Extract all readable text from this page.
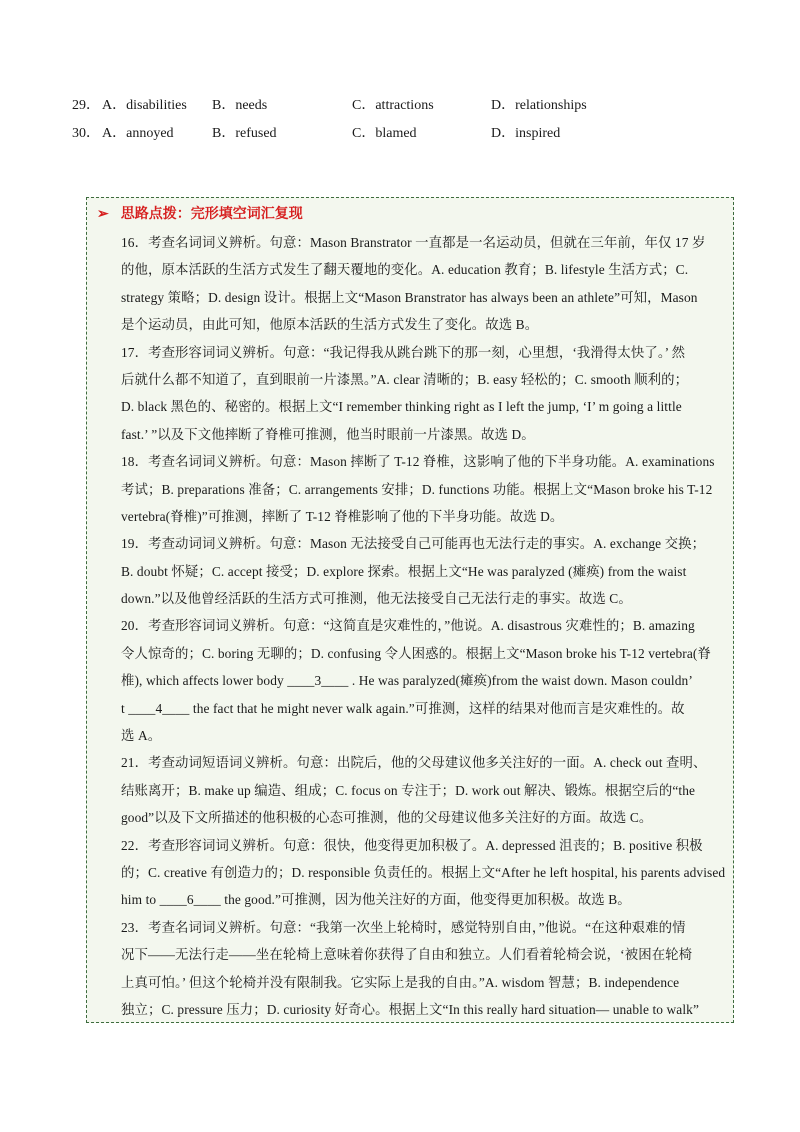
29． A．disabilities B．needs	C．attractions	D．relationships
30． A．annoyed	B．refused	C．blamed	D．inspired
➢ 思路点拨：完形填空词汇复现
16．考查名词词义辨析。句意：Mason Branstrator 一直都是一名运动员，但就在三年前，年仅 17 岁
的他，原本活跃的生活方式发生了翻天覆地的变化。A. education 教育；B. lifestyle 生活方式；C.
strategy 策略；D. design 设计。根据上文“Mason Branstrator has always been an athlete”可知，Mason
是个运动员，由此可知，他原本活跃的生活方式发生了变化。故选 B。
17．考查形容词词义辨析。句意：“我记得我从跳台跳下的那一刻，心里想，‘我滑得太快了。’ 然
后就什么都不知道了，直到眼前一片漆黑。”A. clear 清晰的；B. easy 轻松的；C. smooth 顺利的；
D. black 黑色的、秘密的。根据上文“I remember thinking right as I left the jump, ‘I’ m going a little
fast.’ ”以及下文他摔断了脊椎可推测，他当时眼前一片漆黑。故选 D。
18．考查名词词义辨析。句意：Mason 摔断了 T-12 脊椎，这影响了他的下半身功能。A. examinations
考试；B. preparations 准备；C. arrangements 安排；D. functions 功能。根据上文“Mason broke his T-12
vertebra(脊椎)”可推测，摔断了 T-12 脊椎影响了他的下半身功能。故选 D。
19．考查动词词义辨析。句意：Mason 无法接受自己可能再也无法行走的事实。A. exchange 交换；
B. doubt 怀疑；C. accept 接受；D. explore 探索。根据上文“He was paralyzed (瘫痪) from the waist
down.”以及他曾经活跃的生活方式可推测，他无法接受自己无法行走的事实。故选 C。
20．考查形容词词义辨析。句意：“这简直是灾难性的，”他说。A. disastrous 灾难性的；B. amazing
令人惊奇的；C. boring 无聊的；D. confusing 令人困惑的。根据上文“Mason broke his T-12 vertebra(脊
椎), which affects lower body ____3____ . He was paralyzed(瘫痪)from the waist down. Mason couldn’
t ____4____ the fact that he might never walk again.”可推测，这样的结果对他而言是灾难性的。故
选 A。
21．考查动词短语词义辨析。句意：出院后，他的父母建议他多关注好的一面。A. check out 查明、
结账离开；B. make up 编造、组成；C. focus on 专注于；D. work out 解决、锻炼。根据空后的“the
good”以及下文所描述的他积极的心态可推测，他的父母建议他多关注好的方面。故选 C。
22．考查形容词词义辨析。句意：很快，他变得更加积极了。A. depressed 沮丧的；B. positive 积极
的；C. creative 有创造力的；D. responsible 负责任的。根据上文“After he left hospital, his parents advised
him to ____6____ the good.”可推测，因为他关注好的方面，他变得更加积极。故选 B。
23．考查名词词义辨析。句意：“我第一次坐上轮椅时，感觉特别自由，”他说。“在这种艰难的情
况下——无法行走——坐在轮椅上意味着你获得了自由和独立。人们看着轮椅会说，‘被困在轮椅
上真可怕。’ 但这个轮椅并没有限制我。它实际上是我的自由。”A. wisdom 智慧；B. independence
独立；C. pressure 压力；D. curiosity 好奇心。根据上文“In this really hard situation— unable to walk”
